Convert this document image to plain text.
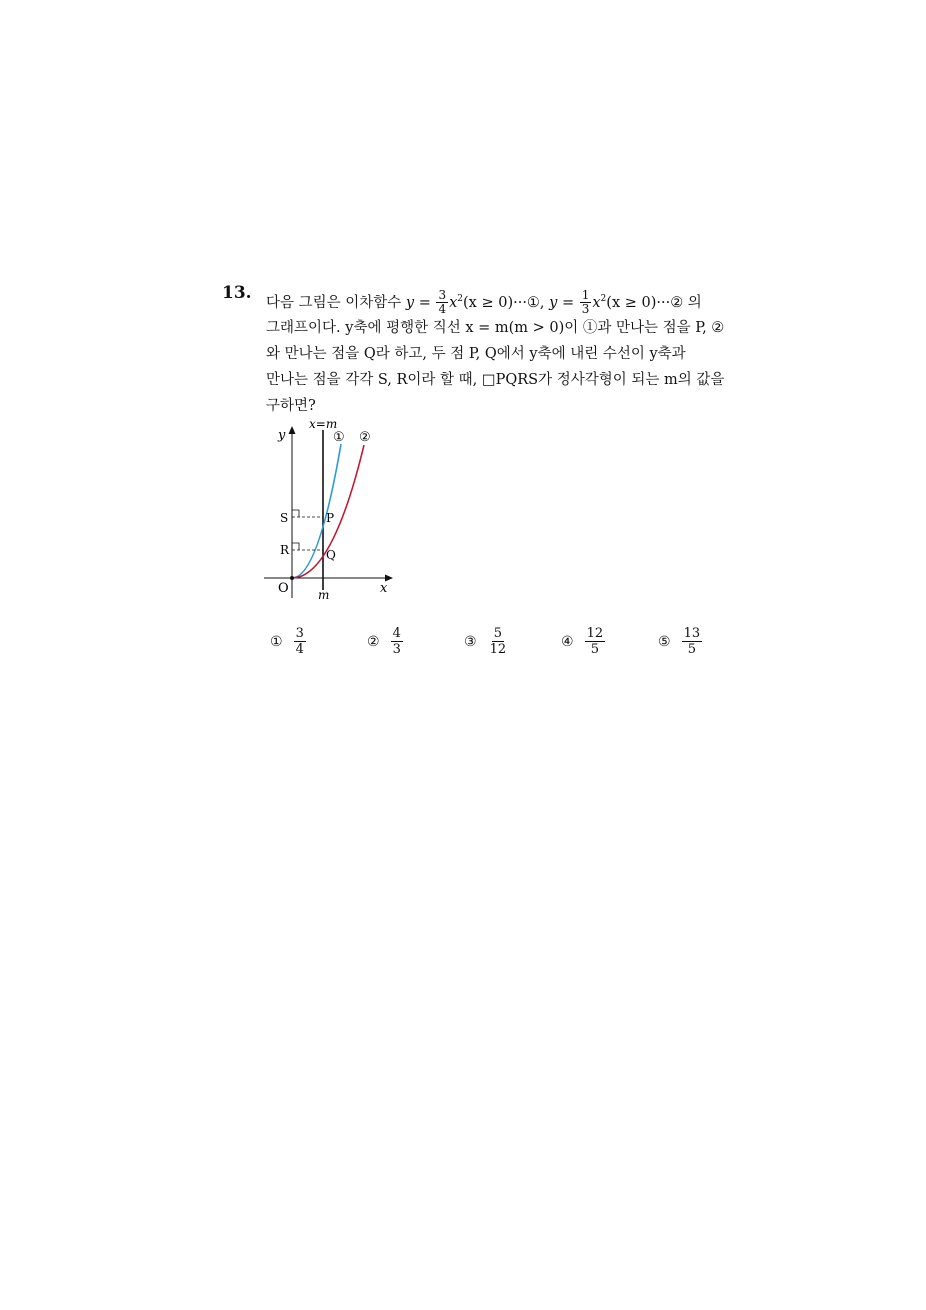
13. 다음 그림은 이차함수 $y = \frac{3}{4} x^2(x$ ≥ 0)···①, $y = \frac{1}{3} x^2(x$ ≥ 0)···② 의
그래프이다. y축에 평행한 직선 x = m(m > 0)이 ①과 만나는 점을 P, ②
와 만나는 점을 Q라 하고, 두 점 P, Q에서 y축에 내린 수선이 y축과
만나는 점을 각각 S, R이라 할 때, □PQRS가 정사각형이 되는 m의 값을
구하면?
y
x
O
x=m
m
① ②
P
Q
S
R
① $\frac{3}{4}$	② $\frac{4}{3}$	③ $\frac{5}{12}$	④ $\frac{12}{5}$	⑤ $\frac{13}{5}$
